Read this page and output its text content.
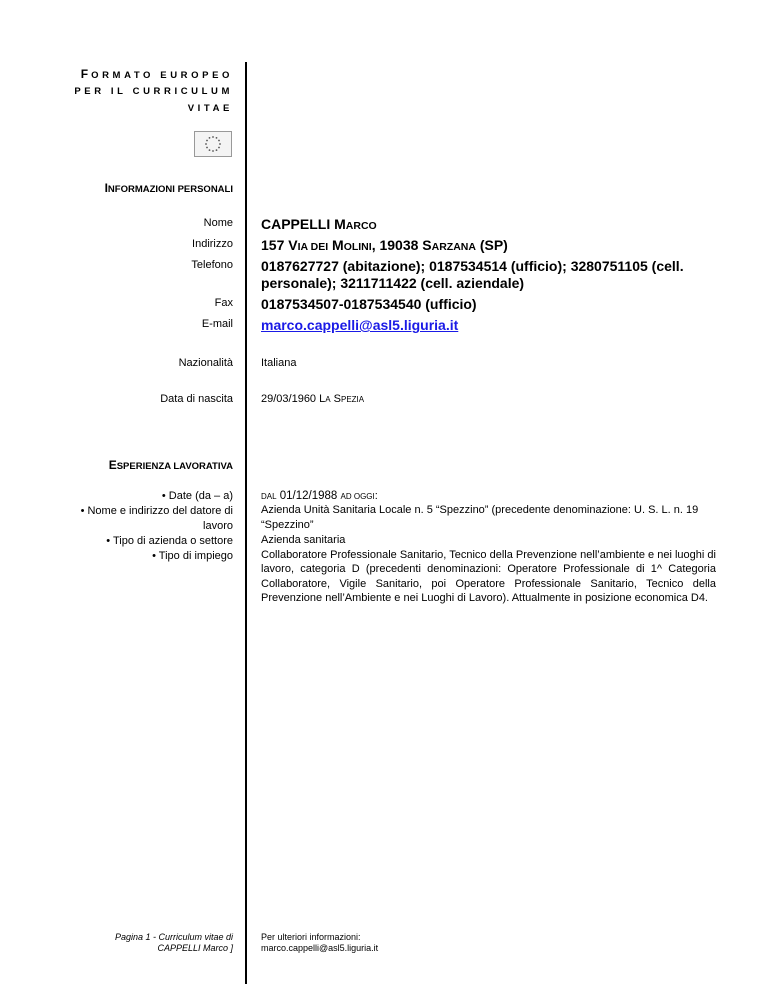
FORMATO EUROPEO
PER IL CURRICULUM
VITAE
INFORMAZIONI PERSONALI
Nome CAPPELLI MARCO
Indirizzo 157 VIA DEI MOLINI, 19038 SARZANA (SP)
Telefono 0187627727 (abitazione); 0187534514 (ufficio); 3280751105 (cell. personale); 3211711422 (cell. aziendale)
Fax 0187534507-0187534540 (ufficio)
E-mail marco.cappelli@asl5.liguria.it
Nazionalità	Italiana
Data di nascita	29/03/1960 LA SPEZIA
ESPERIENZA LAVORATIVA
• Date (da – a)
• Nome e indirizzo del datore di lavoro
• Tipo di azienda o settore
• Tipo di impiego
DAL 01/12/1988 AD OGGI:
Azienda Unità Sanitaria Locale n. 5 “Spezzino” (precedente denominazione: U. S. L. n. 19 “Spezzino”
Azienda sanitaria
Collaboratore Professionale Sanitario, Tecnico della Prevenzione nell’ambiente e nei luoghi di lavoro, categoria D (precedenti denominazioni: Operatore Professionale di 1^ Categoria Collaboratore, Vigile Sanitario, poi Operatore Professionale Sanitario, Tecnico della Prevenzione nell’Ambiente e nei Luoghi di Lavoro). Attualmente in posizione economica D4.
Pagina 1 - Curriculum vitae di
CAPPELLI Marco ]
Per ulteriori informazioni:
marco.cappelli@asl5.liguria.it
